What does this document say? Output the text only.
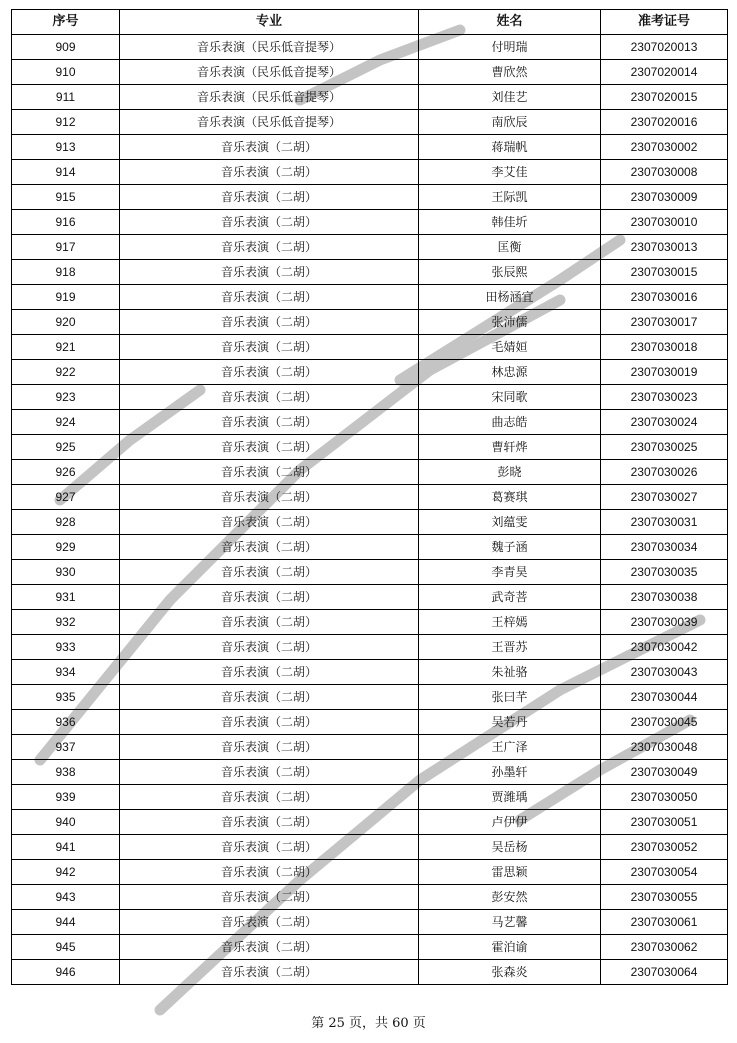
序号	专业	姓名	准考证号
909	音乐表演（民乐低音提琴）	付明瑞	2307020013
910	音乐表演（民乐低音提琴）	曹欣然	2307020014
911	音乐表演（民乐低音提琴）	刘佳艺	2307020015
912	音乐表演（民乐低音提琴）	南欣辰	2307020016
913	音乐表演（二胡）	蒋瑞帆	2307030002
914	音乐表演（二胡）	李艾佳	2307030008
915	音乐表演（二胡）	王际凯	2307030009
916	音乐表演（二胡）	韩佳圻	2307030010
917	音乐表演（二胡）	匡衡	2307030013
918	音乐表演（二胡）	张辰熙	2307030015
919	音乐表演（二胡）	田杨涵宜	2307030016
920	音乐表演（二胡）	张沛儒	2307030017
921	音乐表演（二胡）	毛婧姮	2307030018
922	音乐表演（二胡）	林忠源	2307030019
923	音乐表演（二胡）	宋同歌	2307030023
924	音乐表演（二胡）	曲志皓	2307030024
925	音乐表演（二胡）	曹轩烨	2307030025
926	音乐表演（二胡）	彭晓	2307030026
927	音乐表演（二胡）	葛赛琪	2307030027
928	音乐表演（二胡）	刘蕴雯	2307030031
929	音乐表演（二胡）	魏子涵	2307030034
930	音乐表演（二胡）	李青昊	2307030035
931	音乐表演（二胡）	武奇菩	2307030038
932	音乐表演（二胡）	王梓嫣	2307030039
933	音乐表演（二胡）	王晋苏	2307030042
934	音乐表演（二胡）	朱祉骆	2307030043
935	音乐表演（二胡）	张曰芊	2307030044
936	音乐表演（二胡）	吴若丹	2307030045
937	音乐表演（二胡）	王广泽	2307030048
938	音乐表演（二胡）	孙墨轩	2307030049
939	音乐表演（二胡）	贾潍瑀	2307030050
940	音乐表演（二胡）	卢伊伊	2307030051
941	音乐表演（二胡）	吴岳杨	2307030052
942	音乐表演（二胡）	雷思颖	2307030054
943	音乐表演（二胡）	彭安然	2307030055
944	音乐表演（二胡）	马艺馨	2307030061
945	音乐表演（二胡）	霍泊谕	2307030062
946	音乐表演（二胡）	张森炎	2307030064
第 25 页，共 60 页
